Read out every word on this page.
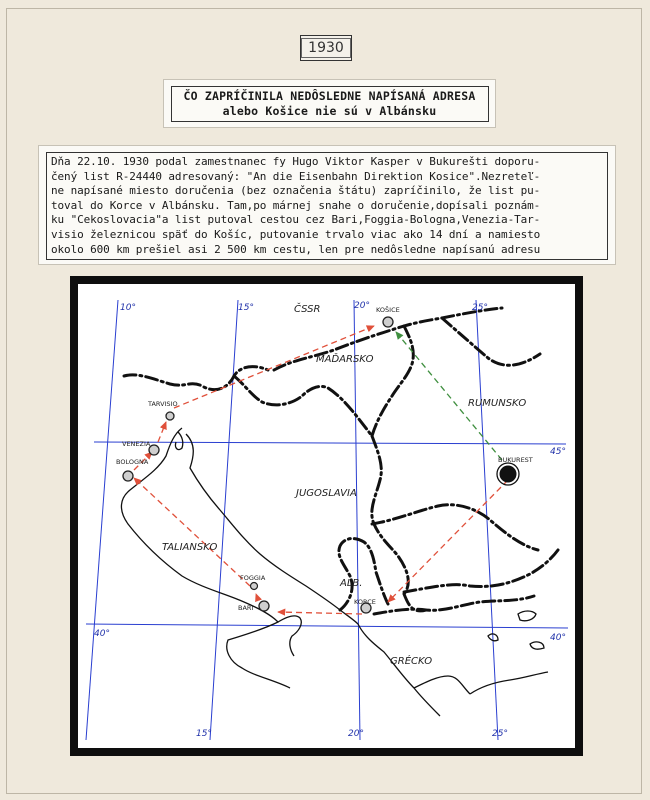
1930
ČO ZAPRÍČINILA NEDÔSLEDNE NAPÍSANÁ ADRESA
alebo Košice nie sú v Albánsku
Dňa 22.10. 1930 podal zamestnanec fy Hugo Viktor Kasper v Bukurešti doporu-
čený list R-24440 adresovaný: "An die Eisenbahn Direktion Kosice".Nezreteľ-
ne napísané miesto doručenia (bez označenia štátu) zapríčinilo, že list pu-
toval do Korce v Albánsku. Tam,po márnej snahe o doručenie,dopísali poznám-
ku "Cekoslovacia"a list putoval cestou cez Bari,Foggia-Bologna,Venezia-Tar-
visio železnicou späť do Košíc, putovanie trvalo viac ako 14 dní a namiesto
okolo 600 km prešiel asi 2 500 km cestu, len pre nedôsledne napísanú adresu
ČSSR
MAĎARSKO
RUMUNSKO
JUGOSLAVIA
TALIANSKO
ALB.
GRÉCKO
KOŠICE
TARVISIO
VENEZIA
BOLOGNA	BUKUREST
FOGGIA
BARI
KORCE
10°	15°	20°	25°
45°
40°	40°
15°	20°	25°
